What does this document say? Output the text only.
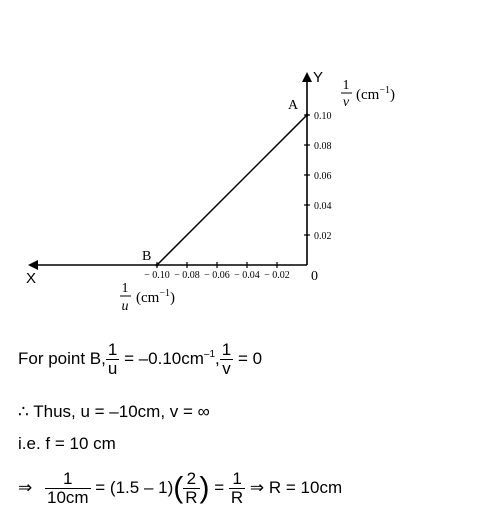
0.10
0.08
0.06
0.04
0.02
− 0.10 − 0.08 − 0.06 − 0.04 − 0.02
Y
X	0
A
B
1
v $(cm^{-1})$
1
u
$(cm^{-1})$
For point B, $\frac{1}{u} = -0.10cm^{-1}$, $\frac{1}{v} = 0$
∴ Thus, u = –10cm, v = ∞
i.e. f = 10 cm
⇒ $\frac{1}{10cm} = (1.5 - 1)( \frac{2}{R}$ ) = $\frac{1}{R}$ ⇒ R = 10cm
